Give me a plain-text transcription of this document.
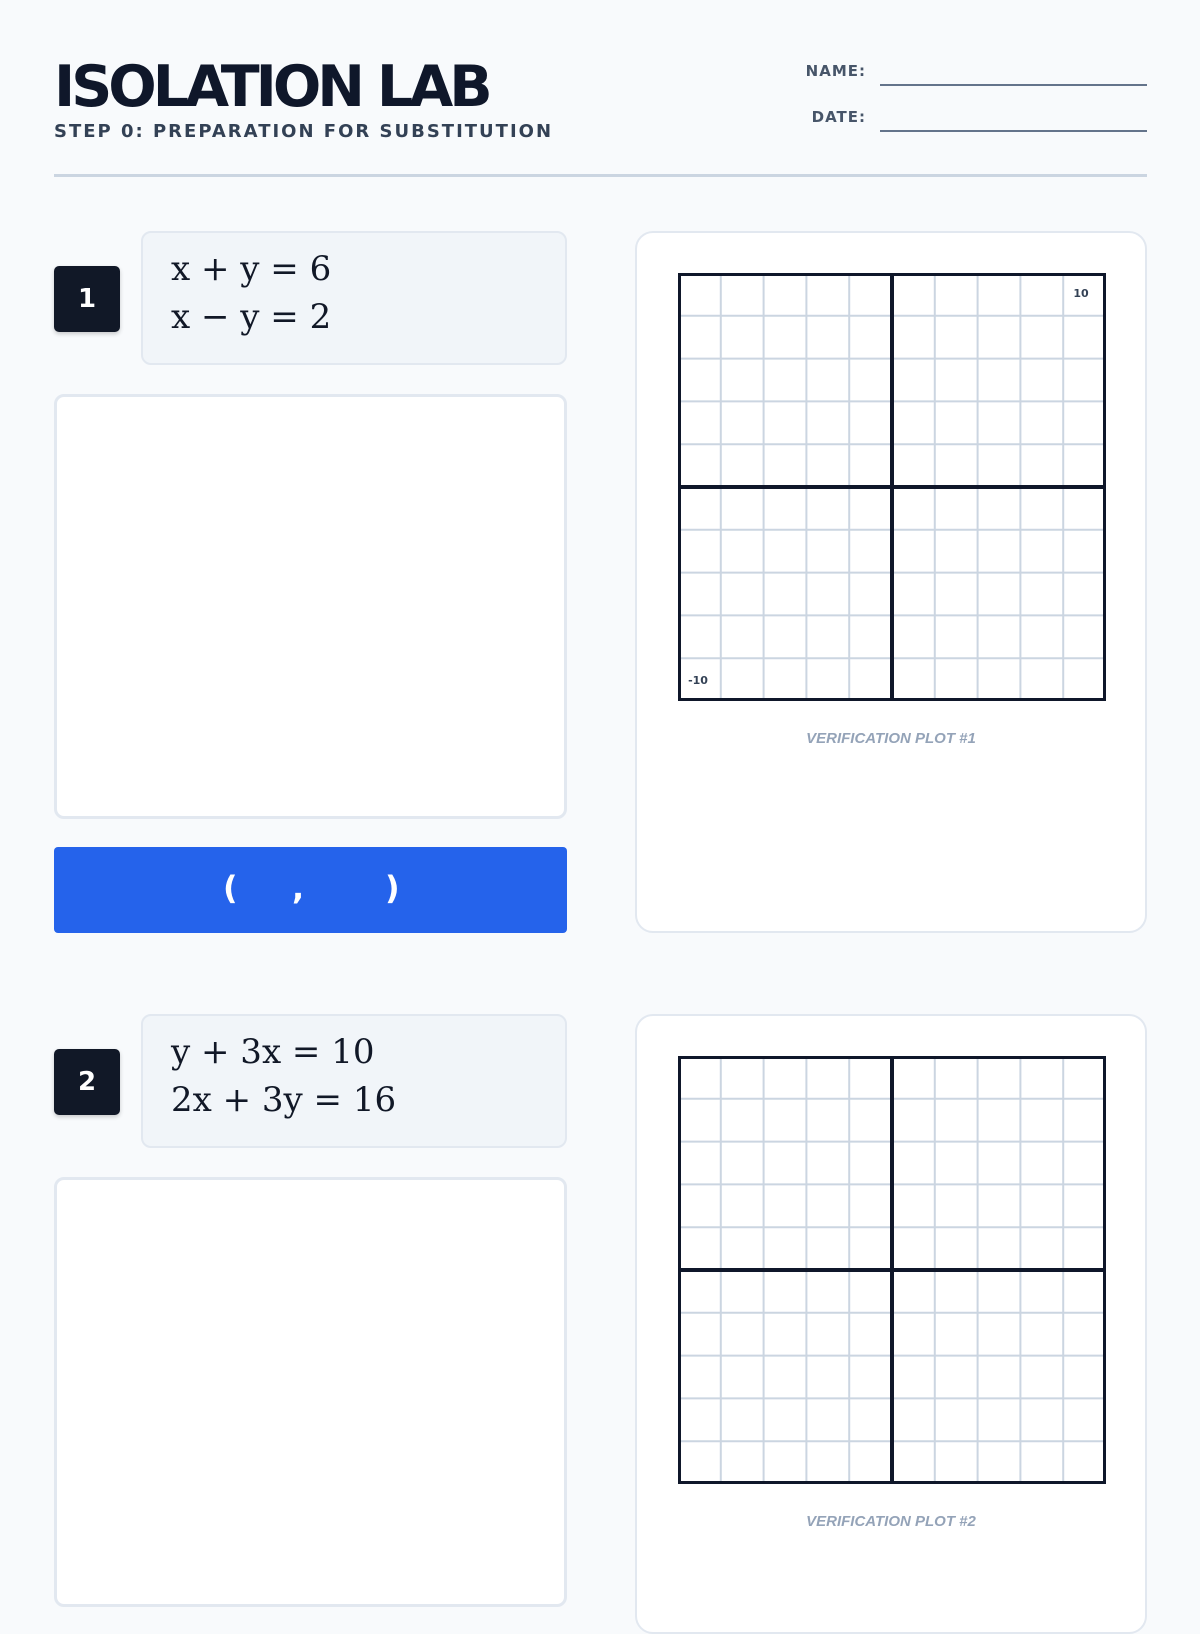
ISOLATION LAB
STEP 0: PREPARATION FOR SUBSTITUTION
NAME:
DATE:
1
x + y = 6
x − y = 2
( ,	)
10
-10
VERIFICATION PLOT #1
2
y + 3x = 10
2x + 3y = 16
VERIFICATION PLOT #2
